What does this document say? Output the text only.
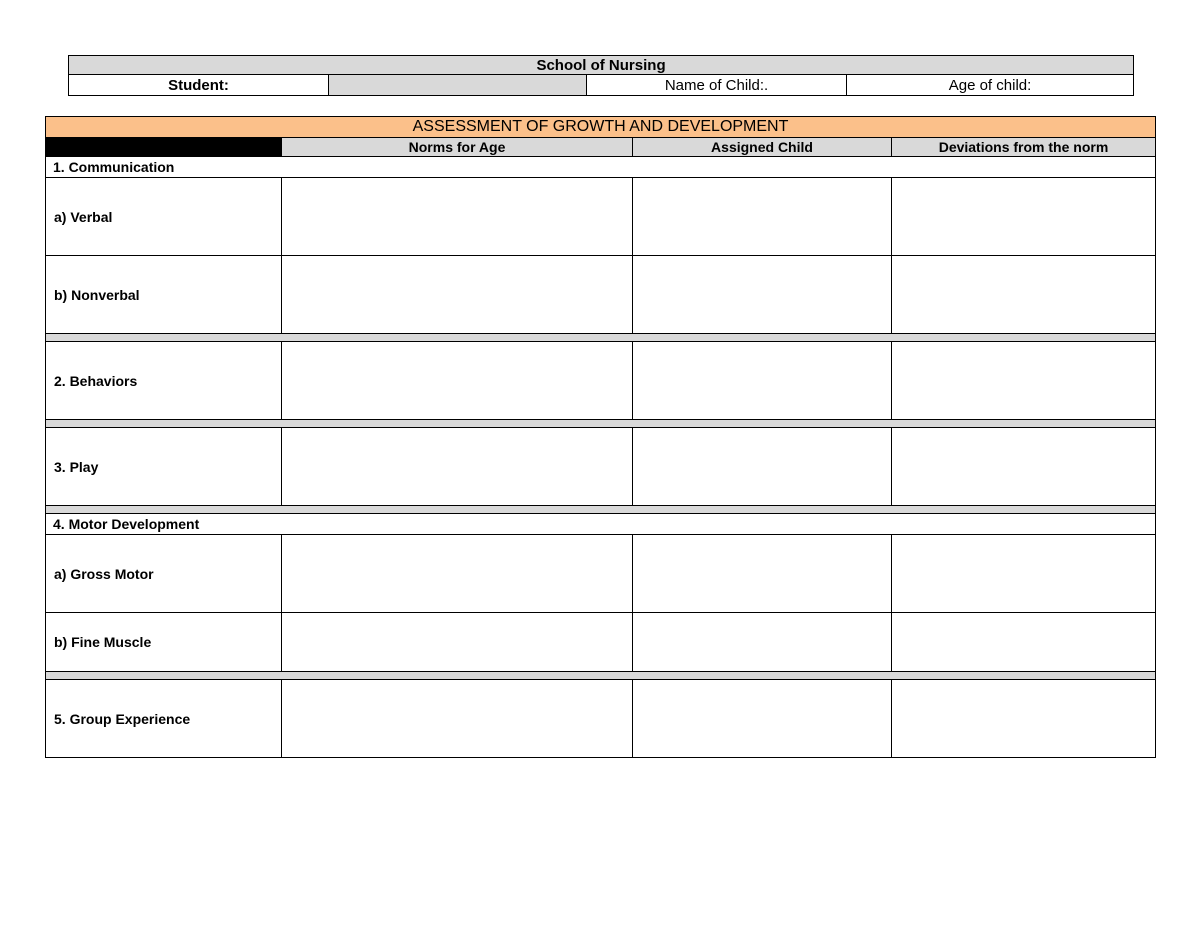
School of Nursing
Student:		Name of Child:.	Age of child:
ASSESSMENT OF GROWTH AND DEVELOPMENT			
	Norms for Age	Assigned Child	Deviations from the norm
1. Communication			
a) Verbal			
b) Nonverbal			

2. Behaviors			

3. Play			

4. Motor Development			
a) Gross Motor			
b) Fine Muscle			

5. Group Experience			
